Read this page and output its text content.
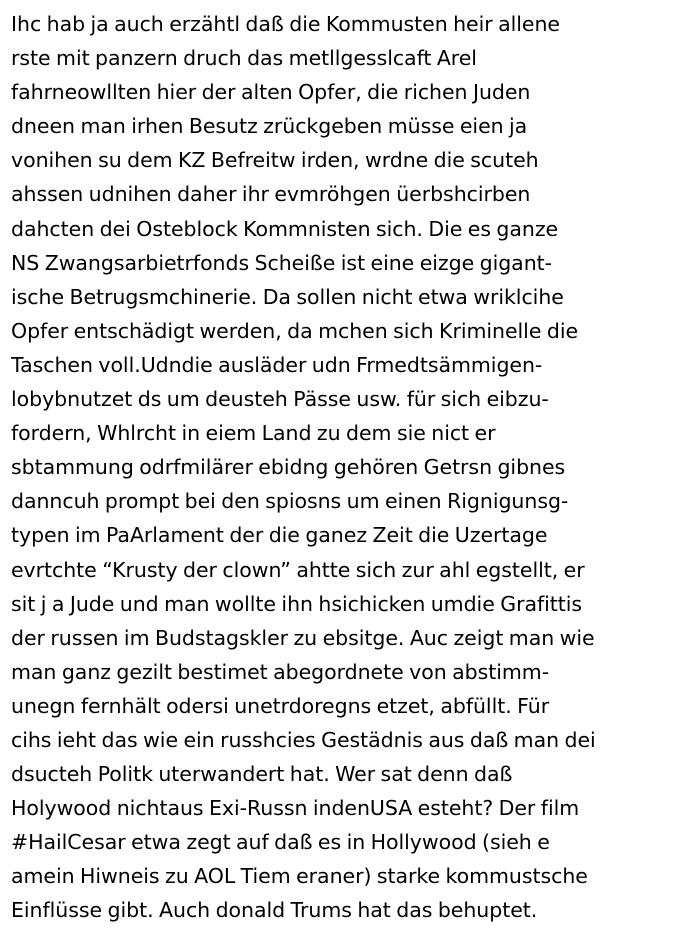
Ihc hab ja auch erzähtl daß die Kommusten heir allene
rste mit panzern druch das metllgesslcaft Arel
fahrneowllten hier der alten Opfer, die richen Juden
dneen man irhen Besutz zrückgeben müsse eien ja
vonihen su dem KZ Befreitw irden, wrdne die scuteh
ahssen udnihen daher ihr evmröhgen üerbshcirben
dahcten dei Osteblock Kommnisten sich. Die es ganze
NS Zwangsarbietrfonds Scheiße ist eine eizge gigant-
ische Betrugsmchinerie. Da sollen nicht etwa wriklcihe
Opfer entschädigt werden, da mchen sich Kriminelle die
Taschen voll.Udndie ausläder udn Frmedtsämmigen-
lobybnutzet ds um deusteh Pässe usw. für sich eibzu-
fordern, Whlrcht in eiem Land zu dem sie nict er
sbtammung odrfmilärer ebidng gehören Getrsn gibnes
danncuh prompt bei den spiosns um einen Rignigunsg-
typen im PaArlament der die ganez Zeit die Uzertage
evrtchte “Krusty der clown” ahtte sich zur ahl egstellt, er
sit j a Jude und man wollte ihn hsichicken umdie Grafittis
der russen im Budstagskler zu ebsitge. Auc zeigt man wie
man ganz gezilt bestimet abegordnete von abstimm-
unegn fernhält odersi unetrdoregns etzet, abfüllt. Für
cihs ieht das wie ein russhcies Gestädnis aus daß man dei
dsucteh Politk uterwandert hat. Wer sat denn daß
Holywood nichtaus Exi-Russn indenUSA esteht? Der film
#HailCesar etwa zegt auf daß es in Hollywood (sieh e
amein Hiwneis zu AOL Tiem eraner) starke kommustsche
Einflüsse gibt. Auch donald Trums hat das behuptet.
